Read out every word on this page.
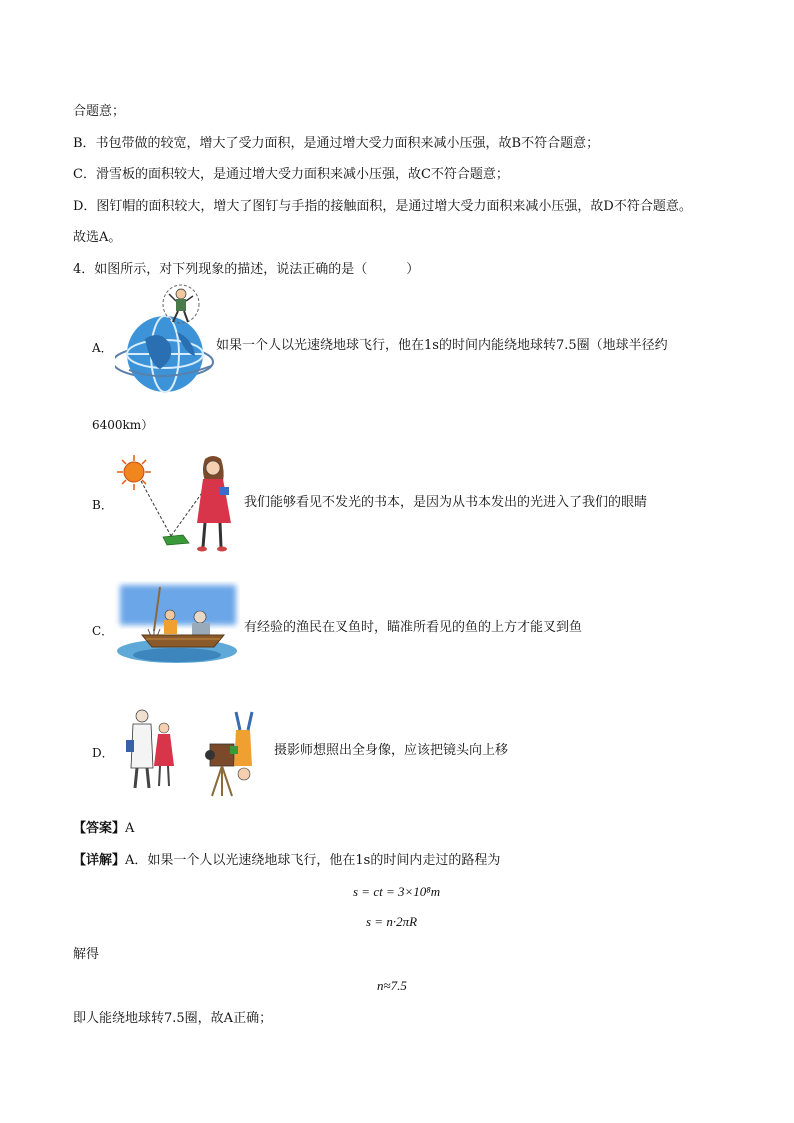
合题意；
B．书包带做的较宽，增大了受力面积，是通过增大受力面积来减小压强，故B不符合题意；
C．滑雪板的面积较大，是通过增大受力面积来减小压强，故C不符合题意；
D．图钉帽的面积较大，增大了图钉与手指的接触面积，是通过增大受力面积来减小压强，故D不符合题意。
故选A。
4．如图所示，对下列现象的描述，说法正确的是（　　　）
A．	如果一个人以光速绕地球飞行，他在1s的时间内能绕地球转7.5圈（地球半径约
6400km）
B．	我们能够看见不发光的书本，是因为从书本发出的光进入了我们的眼睛
C．	有经验的渔民在叉鱼时，瞄准所看见的鱼的上方才能叉到鱼
D．	摄影师想照出全身像，应该把镜头向上移
【答案】A
【详解】A．如果一个人以光速绕地球飞行，他在1s的时间内走过的路程为
s = ct = 3×10⁸m
s = n·2πR
解得
n≈7.5
即人能绕地球转7.5圈，故A正确；
